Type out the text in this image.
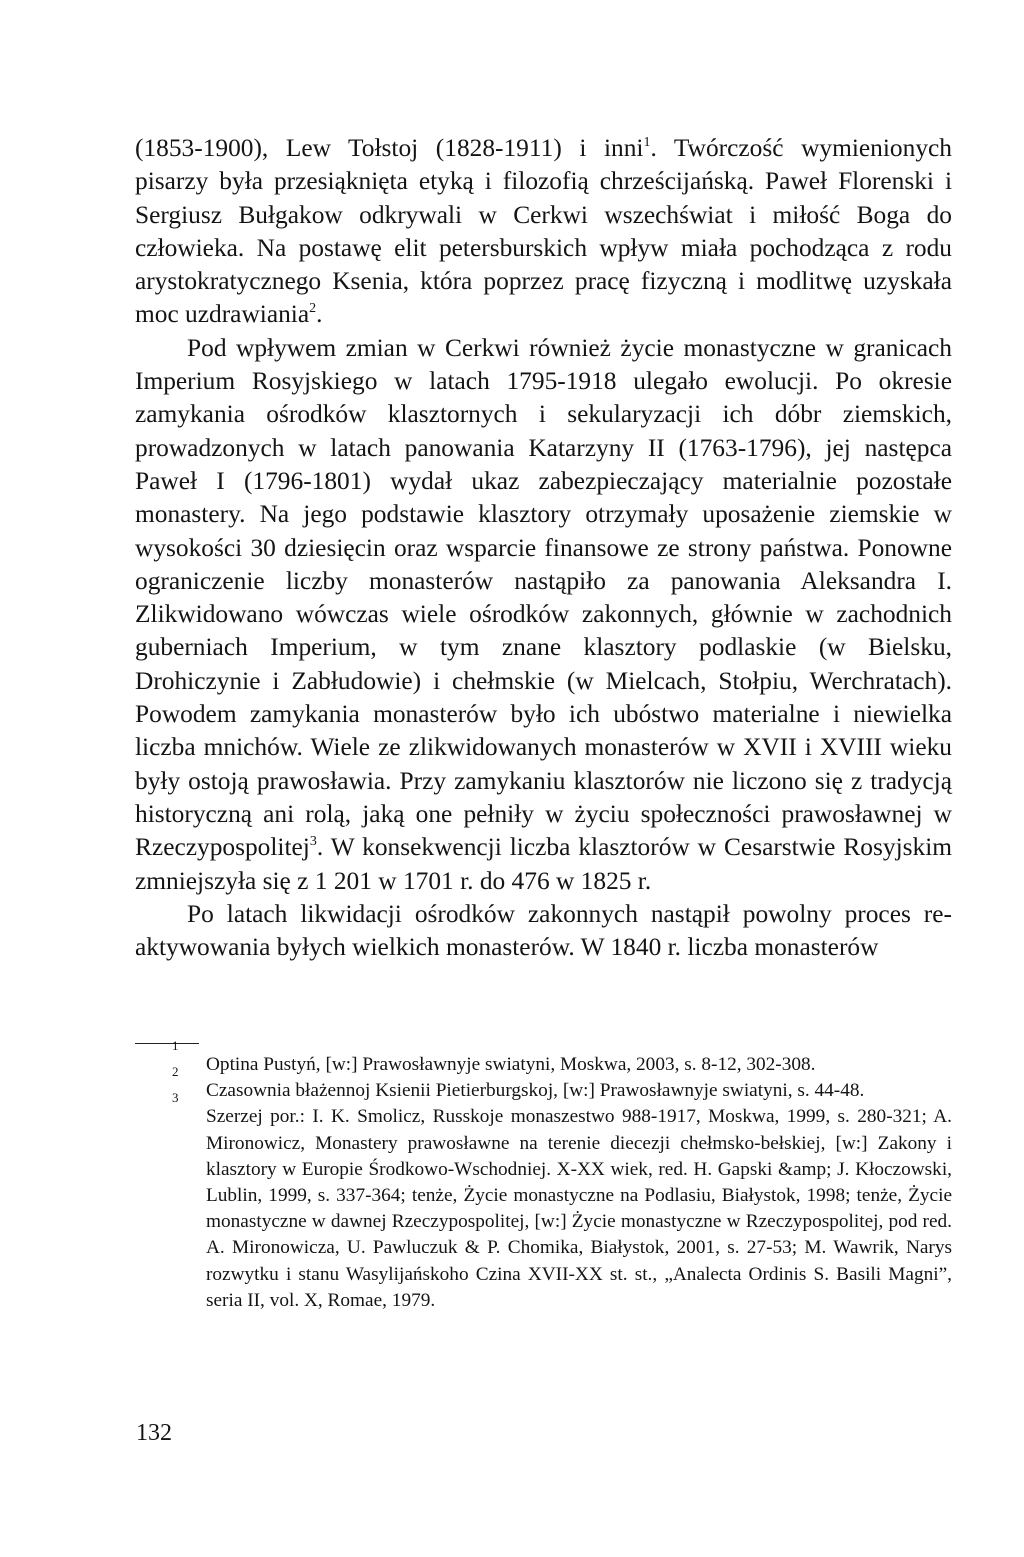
(1853-1900), Lew Tołstoj (1828-1911) i inni$^1$. Twórczość wymienionych pisarzy była przesiąknięta etyką i filozofią chrześcijańską. Paweł Florenski i Sergiusz Bułgakow odkrywali w Cerkwi wszechświat i miłość Boga do człowieka. Na postawę elit petersburskich wpływ miała pochodząca z rodu arystokratycznego Ksenia, która poprzez pracę fizyczną i modlitwę uzyskała moc uzdrawiania$^2$.

Pod wpływem zmian w Cerkwi również życie monastyczne w granicach Imperium Rosyjskiego w latach 1795-1918 ulegało ewolucji. Po okresie zamykania ośrodków klasztornych i sekularyzacji ich dóbr ziemskich, prowadzonych w latach panowania Katarzyny II (1763-1796), jej następca Paweł I (1796-1801) wydał ukaz zabezpieczający materialnie pozostałe monastery. Na jego podstawie klasztory otrzymały uposażenie ziemskie w wysokości 30 dziesięcin oraz wsparcie finansowe ze strony państwa. Ponowne ograniczenie liczby monasterów nastąpiło za panowania Aleksandra I. Zlikwidowano wówczas wiele ośrodków zakonnych, głównie w zachodnich guberniach Imperium, w tym znane klasztory podlaskie (w Bielsku, Drohiczynie i Zabłudowie) i chełmskie (w Mielcach, Stołpiu, Werchratach). Powodem zamykania monasterów było ich ubóstwo materialne i niewielka liczba mnichów. Wiele ze zlikwidowanych monasterów w XVII i XVIII wieku były ostoją prawosławia. Przy zamykaniu klasztorów nie liczono się z tradycją historyczną ani rolą, jaką one pełniły w życiu społeczności prawosławnej w Rzeczypospolitej$^3$. W konsekwencji liczba klasztorów w Cesarstwie Rosyjskim zmniejszyła się z 1 201 w 1701 r. do 476 w 1825 r.

Po latach likwidacji ośrodków zakonnych nastąpił powolny proces reaktywowania byłych wielkich monasterów. W 1840 r. liczba monasterów

1
Optina Pustyń, [w:] Prawosławnyje swiatyni, Moskwa, 2003, s. 8-12, 302-308.
2
Czasownia błażennoj Ksienii Pietierburgskoj, [w:] Prawosławnyje swiatyni, s. 44-48.
3
Szerzej por.: I. K. Smolicz, Russkoje monaszestwo 988-1917, Moskwa, 1999, s. 280-321; A. Mironowicz, Monastery prawosławne na terenie diecezji chełmsko-bełskiej, [w:] Zakony i klasztory w Europie Środkowo-Wschodniej. X-XX wiek, red. H. Gapski &amp; J. Kłoczowski, Lublin, 1999, s. 337-364; tenże, Życie monastyczne na Podlasiu, Białystok, 1998; tenże, Życie monastyczne w dawnej Rzeczypospolitej, [w:] Życie monastyczne w Rzeczypospolitej, pod red. A. Mironowicza, U. Pawluczuk & P. Chomika, Białystok, 2001, s. 27-53; M. Wawrik, Narys rozwytku i stanu Wasylijańskoho Czina XVII-XX st. st., „Analecta Ordinis S. Basili Magni”, seria II, vol. X, Romae, 1979.
132
